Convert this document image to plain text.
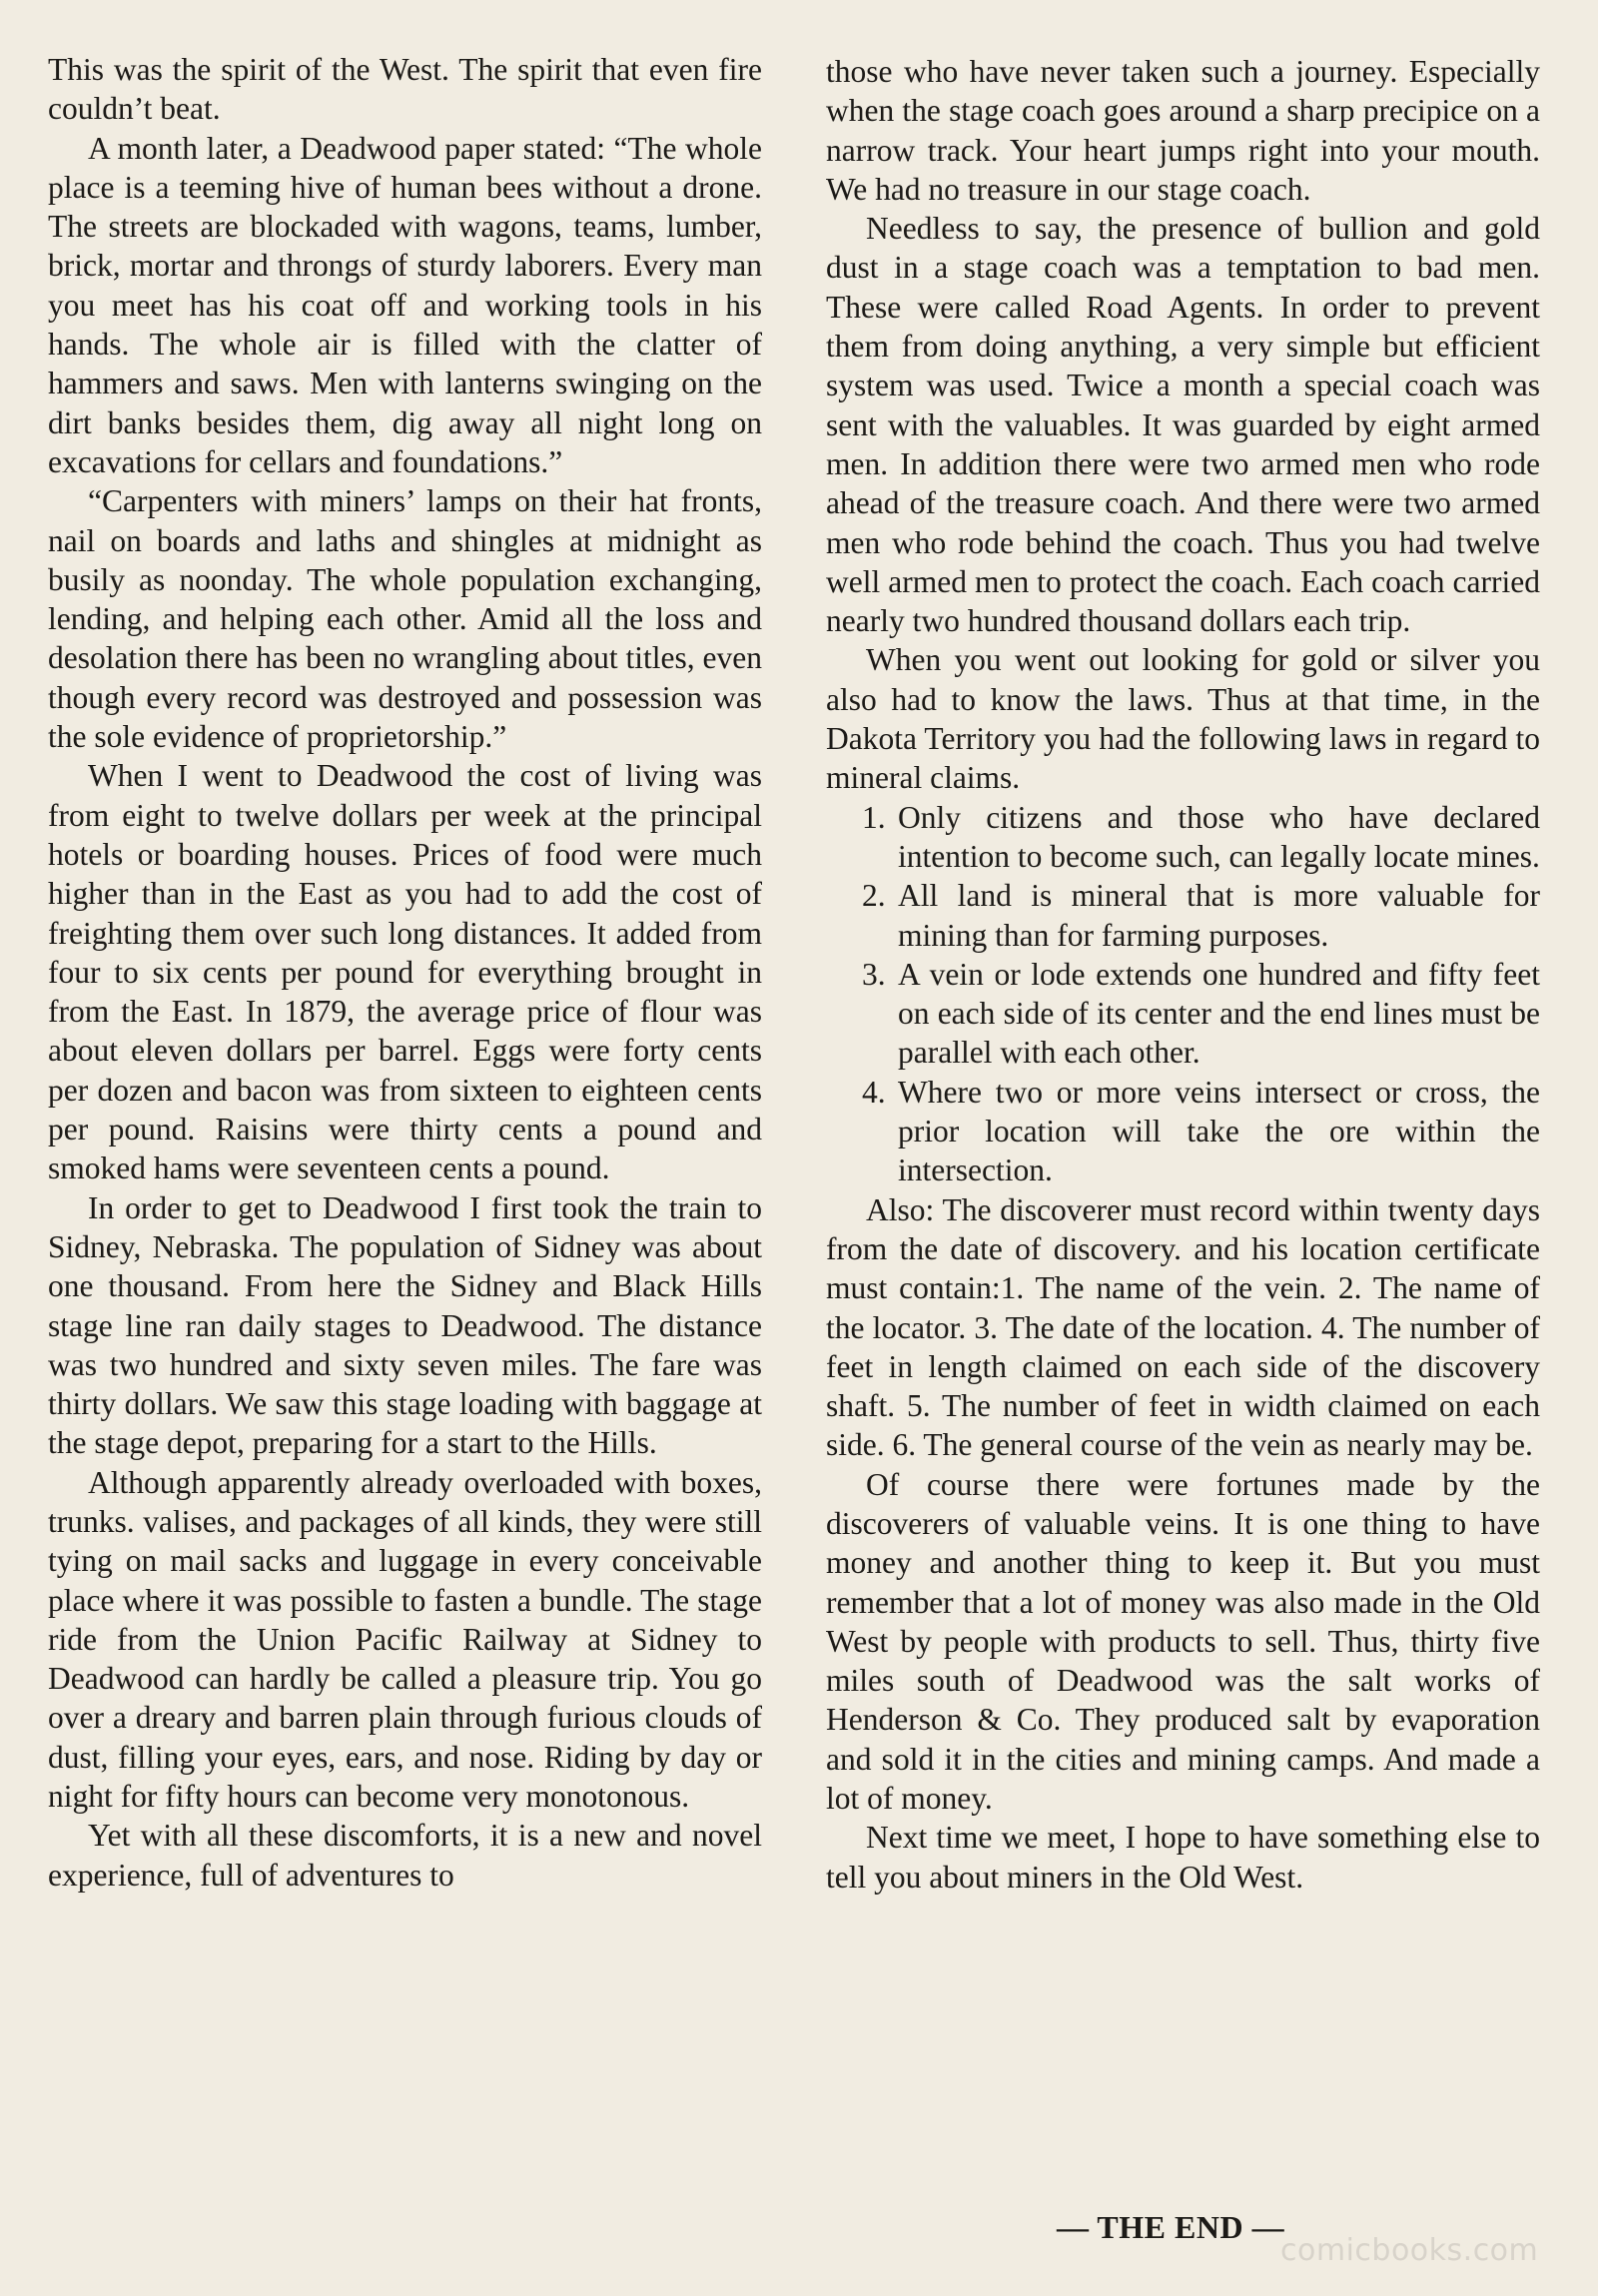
This was the spirit of the West. The spirit that even fire couldn’t beat.

A month later, a Deadwood paper stated: “The whole place is a teeming hive of human bees without a drone. The streets are blockaded with wagons, teams, lumber, brick, mortar and throngs of sturdy laborers. Every man you meet has his coat off and working tools in his hands. The whole air is filled with the clatter of hammers and saws. Men with lanterns swinging on the dirt banks besides them, dig away all night long on excavations for cellars and foundations.”

“Carpenters with miners’ lamps on their hat fronts, nail on boards and laths and shingles at midnight as busily as noonday. The whole population exchanging, lending, and helping each other. Amid all the loss and desolation there has been no wrangling about titles, even though every record was destroyed and possession was the sole evidence of proprietorship.”

When I went to Deadwood the cost of living was from eight to twelve dollars per week at the principal hotels or boarding houses. Prices of food were much higher than in the East as you had to add the cost of freighting them over such long distances. It added from four to six cents per pound for everything brought in from the East. In 1879, the average price of flour was about eleven dollars per barrel. Eggs were forty cents per dozen and bacon was from sixteen to eighteen cents per pound. Raisins were thirty cents a pound and smoked hams were seventeen cents a pound.

In order to get to Deadwood I first took the train to Sidney, Nebraska. The population of Sidney was about one thousand. From here the Sidney and Black Hills stage line ran daily stages to Deadwood. The distance was two hundred and sixty seven miles. The fare was thirty dollars. We saw this stage loading with baggage at the stage depot, preparing for a start to the Hills.

Although apparently already overloaded with boxes, trunks. valises, and packages of all kinds, they were still tying on mail sacks and luggage in every conceivable place where it was possible to fasten a bundle. The stage ride from the Union Pacific Railway at Sidney to Deadwood can hardly be called a pleasure trip. You go over a dreary and barren plain through furious clouds of dust, filling your eyes, ears, and nose. Riding by day or night for fifty hours can become very monotonous.

Yet with all these discomforts, it is a new and novel experience, full of adventures to

those who have never taken such a journey. Especially when the stage coach goes around a sharp precipice on a narrow track. Your heart jumps right into your mouth. We had no treasure in our stage coach.

Needless to say, the presence of bullion and gold dust in a stage coach was a temptation to bad men. These were called Road Agents. In order to prevent them from doing anything, a very simple but efficient system was used. Twice a month a special coach was sent with the valuables. It was guarded by eight armed men. In addition there were two armed men who rode ahead of the treasure coach. And there were two armed men who rode behind the coach. Thus you had twelve well armed men to protect the coach. Each coach carried nearly two hundred thousand dollars each trip.

When you went out looking for gold or silver you also had to know the laws. Thus at that time, in the Dakota Territory you had the following laws in regard to mineral claims.

1. Only citizens and those who have declared intention to become such, can legally locate mines.
2. All land is mineral that is more valuable for mining than for farming purposes.
3. A vein or lode extends one hundred and fifty feet on each side of its center and the end lines must be parallel with each other.
4. Where two or more veins intersect or cross, the prior location will take the ore within the intersection.

Also: The discoverer must record within twenty days from the date of discovery. and his location certificate must contain:1. The name of the vein. 2. The name of the locator. 3. The date of the location. 4. The number of feet in length claimed on each side of the discovery shaft. 5. The number of feet in width claimed on each side. 6. The general course of the vein as nearly may be.

Of course there were fortunes made by the discoverers of valuable veins. It is one thing to have money and another thing to keep it. But you must remember that a lot of money was also made in the Old West by people with products to sell. Thus, thirty five miles south of Deadwood was the salt works of Henderson & Co. They produced salt by evaporation and sold it in the cities and mining camps. And made a lot of money.

Next time we meet, I hope to have something else to tell you about miners in the Old West.

— THE END —
comicbooks.com
